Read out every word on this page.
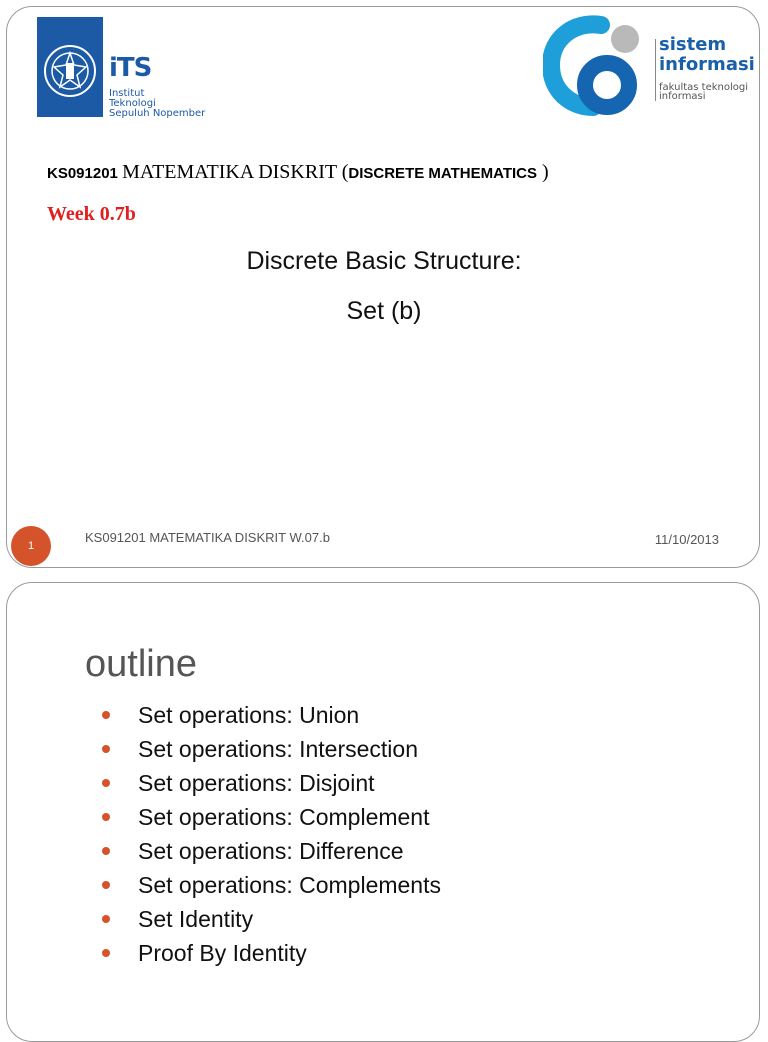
iTS
Institut
Teknologi
Sepuluh Nopember
sistem
informasi
fakultas teknologi
informasi
KS091201 MATEMATIKA DISKRIT (DISCRETE MATHEMATICS )
Week 0.7b
Discrete Basic Structure:
Set (b)
1
KS091201 MATEMATIKA DISKRIT W.07.b	11/10/2013
outline
Set operations: Union
Set operations: Intersection
Set operations: Disjoint
Set operations: Complement
Set operations: Difference
Set operations: Complements
Set Identity
Proof By Identity
